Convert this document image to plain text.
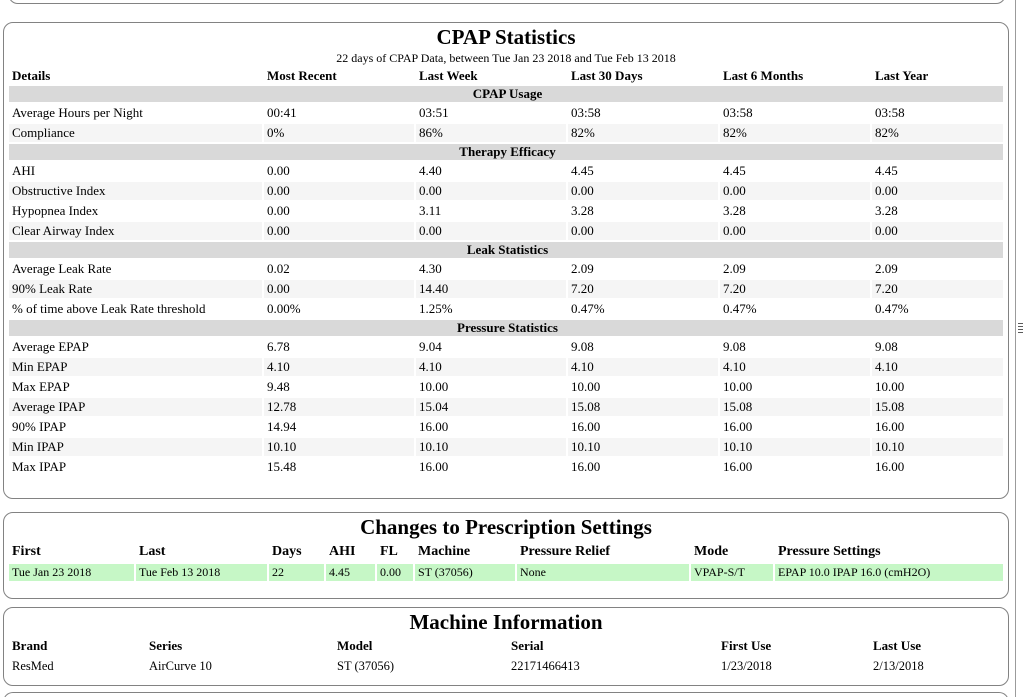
CPAP Statistics
22 days of CPAP Data, between Tue Jan 23 2018 and Tue Feb 13 2018
Details	Most Recent	Last Week	Last 30 Days	Last 6 Months	Last Year
CPAP Usage					
Average Hours per Night	00:41	03:51	03:58	03:58	03:58
Compliance	0%	86%	82%	82%	82%
Therapy Efficacy					
AHI	0.00	4.40	4.45	4.45	4.45
Obstructive Index	0.00	0.00	0.00	0.00	0.00
Hypopnea Index	0.00	3.11	3.28	3.28	3.28
Clear Airway Index	0.00	0.00	0.00	0.00	0.00
Leak Statistics					
Average Leak Rate	0.02	4.30	2.09	2.09	2.09
90% Leak Rate	0.00	14.40	7.20	7.20	7.20
% of time above Leak Rate threshold	0.00%	1.25%	0.47%	0.47%	0.47%
Pressure Statistics					
Average EPAP	6.78	9.04	9.08	9.08	9.08
Min EPAP	4.10	4.10	4.10	4.10	4.10
Max EPAP	9.48	10.00	10.00	10.00	10.00
Average IPAP	12.78	15.04	15.08	15.08	15.08
90% IPAP	14.94	16.00	16.00	16.00	16.00
Min IPAP	10.10	10.10	10.10	10.10	10.10
Max IPAP	15.48	16.00	16.00	16.00	16.00
Changes to Prescription Settings
First	Last	Days	AHI	FL	Machine	Pressure Relief	Mode	Pressure Settings
Tue Jan 23 2018	Tue Feb 13 2018	22	4.45	0.00	ST (37056)	None	VPAP-S/T	EPAP 10.0 IPAP 16.0 (cmH2O)
Machine Information
Brand	Series	Model	Serial	First Use	Last Use
ResMed	AirCurve 10	ST (37056)	22171466413	1/23/2018	2/13/2018
